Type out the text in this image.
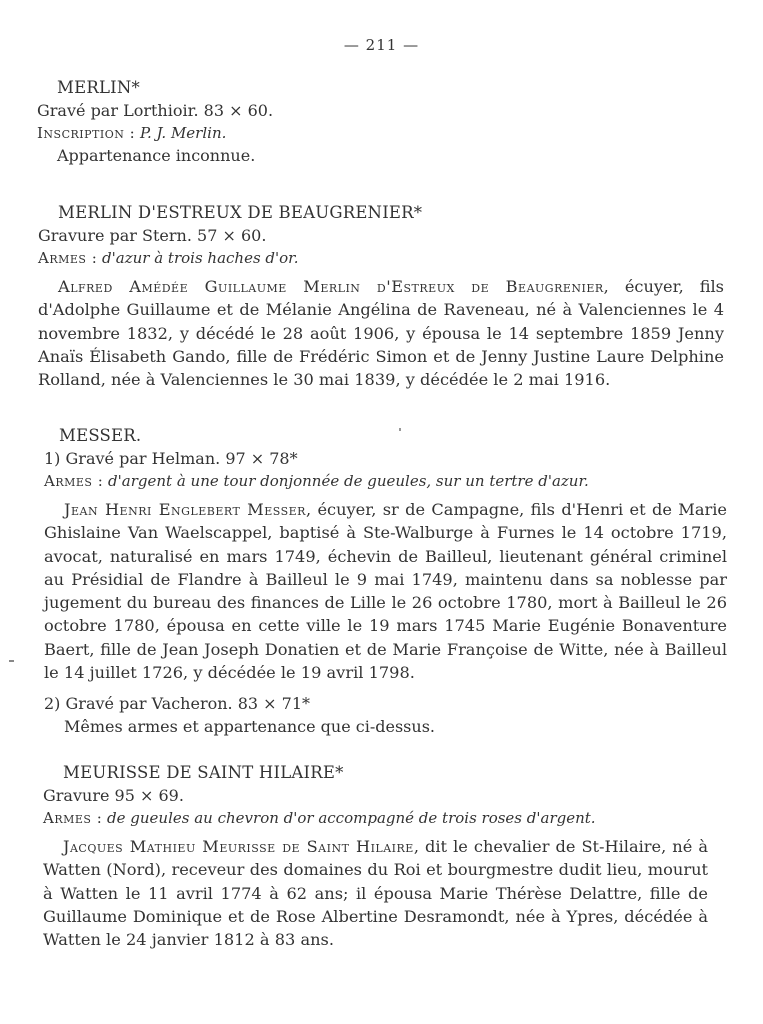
— 211 —
MERLIN*
Gravé par Lorthioir. 83 × 60.
Inscription : P. J. Merlin.
Appartenance inconnue.
MERLIN D'ESTREUX DE BEAUGRENIER*
Gravure par Stern. 57 × 60.
Armes : d'azur à trois haches d'or.
Alfred Amédée Guillaume Merlin d'Estreux de Beaugrenier, écuyer, fils d'Adolphe Guillaume et de Mélanie Angélina de Raveneau, né à Valenciennes le 4 novembre 1832, y décédé le 28 août 1906, y épousa le 14 septembre 1859 Jenny Anaïs Élisabeth Gando, fille de Frédéric Simon et de Jenny Justine Laure Delphine Rolland, née à Valenciennes le 30 mai 1839, y décédée le 2 mai 1916.
MESSER.
1) Gravé par Helman. 97 × 78*
Armes : d'argent à une tour donjonnée de gueules, sur un tertre d'azur.
Jean Henri Englebert Messer, écuyer, sr de Campagne, fils d'Henri et de Marie Ghislaine Van Waelscappel, baptisé à Ste-Walburge à Furnes le 14 octobre 1719, avocat, naturalisé en mars 1749, échevin de Bailleul, lieutenant général criminel au Présidial de Flandre à Bailleul le 9 mai 1749, maintenu dans sa noblesse par jugement du bureau des finances de Lille le 26 octobre 1780, mort à Bailleul le 26 octobre 1780, épousa en cette ville le 19 mars 1745 Marie Eugénie Bonaventure Baert, fille de Jean Joseph Donatien et de Marie Françoise de Witte, née à Bailleul le 14 juillet 1726, y décédée le 19 avril 1798.
2) Gravé par Vacheron. 83 × 71*
Mêmes armes et appartenance que ci-dessus.
MEURISSE DE SAINT HILAIRE*
Gravure 95 × 69.
Armes : de gueules au chevron d'or accompagné de trois roses d'argent.
Jacques Mathieu Meurisse de Saint Hilaire, dit le chevalier de St-Hilaire, né à Watten (Nord), receveur des domaines du Roi et bourgmestre dudit lieu, mourut à Watten le 11 avril 1774 à 62 ans; il épousa Marie Thérèse Delattre, fille de Guillaume Dominique et de Rose Albertine Desramondt, née à Ypres, décédée à Watten le 24 janvier 1812 à 83 ans.
